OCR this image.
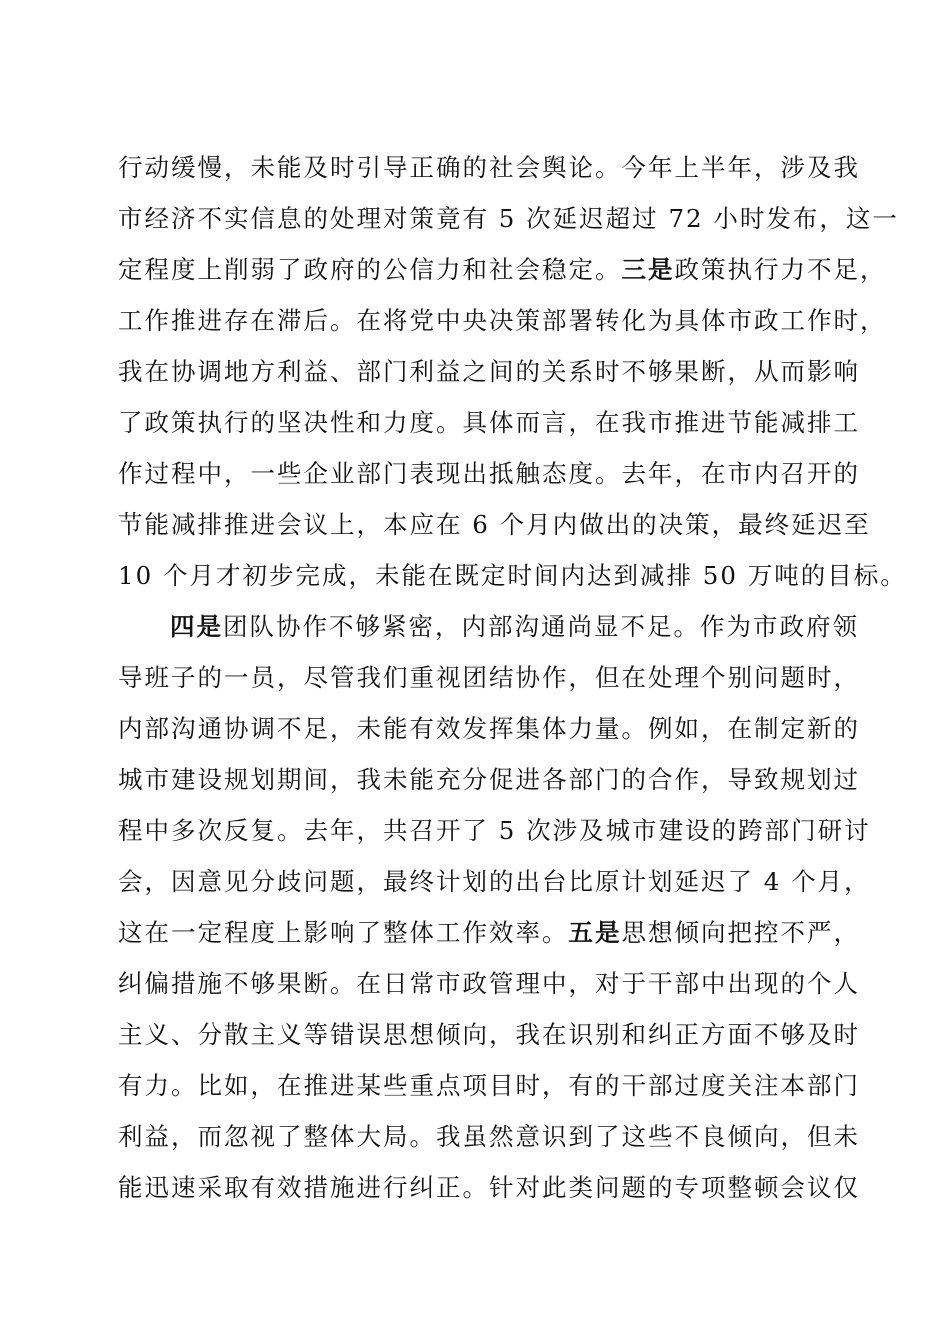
行动缓慢，未能及时引导正确的社会舆论。今年上半年，涉及我
市经济不实信息的处理对策竟有 5 次延迟超过 72 小时发布，这一
定程度上削弱了政府的公信力和社会稳定。三是政策执行力不足，
工作推进存在滞后。在将党中央决策部署转化为具体市政工作时，
我在协调地方利益、部门利益之间的关系时不够果断，从而影响
了政策执行的坚决性和力度。具体而言，在我市推进节能减排工
作过程中，一些企业部门表现出抵触态度。去年，在市内召开的
节能减排推进会议上，本应在 6 个月内做出的决策，最终延迟至
10 个月才初步完成，未能在既定时间内达到减排 50 万吨的目标。
四是团队协作不够紧密，内部沟通尚显不足。作为市政府领
导班子的一员，尽管我们重视团结协作，但在处理个别问题时，
内部沟通协调不足，未能有效发挥集体力量。例如，在制定新的
城市建设规划期间，我未能充分促进各部门的合作，导致规划过
程中多次反复。去年，共召开了 5 次涉及城市建设的跨部门研讨
会，因意见分歧问题，最终计划的出台比原计划延迟了 4 个月，
这在一定程度上影响了整体工作效率。五是思想倾向把控不严，
纠偏措施不够果断。在日常市政管理中，对于干部中出现的个人
主义、分散主义等错误思想倾向，我在识别和纠正方面不够及时
有力。比如，在推进某些重点项目时，有的干部过度关注本部门
利益，而忽视了整体大局。我虽然意识到了这些不良倾向，但未
能迅速采取有效措施进行纠正。针对此类问题的专项整顿会议仅
